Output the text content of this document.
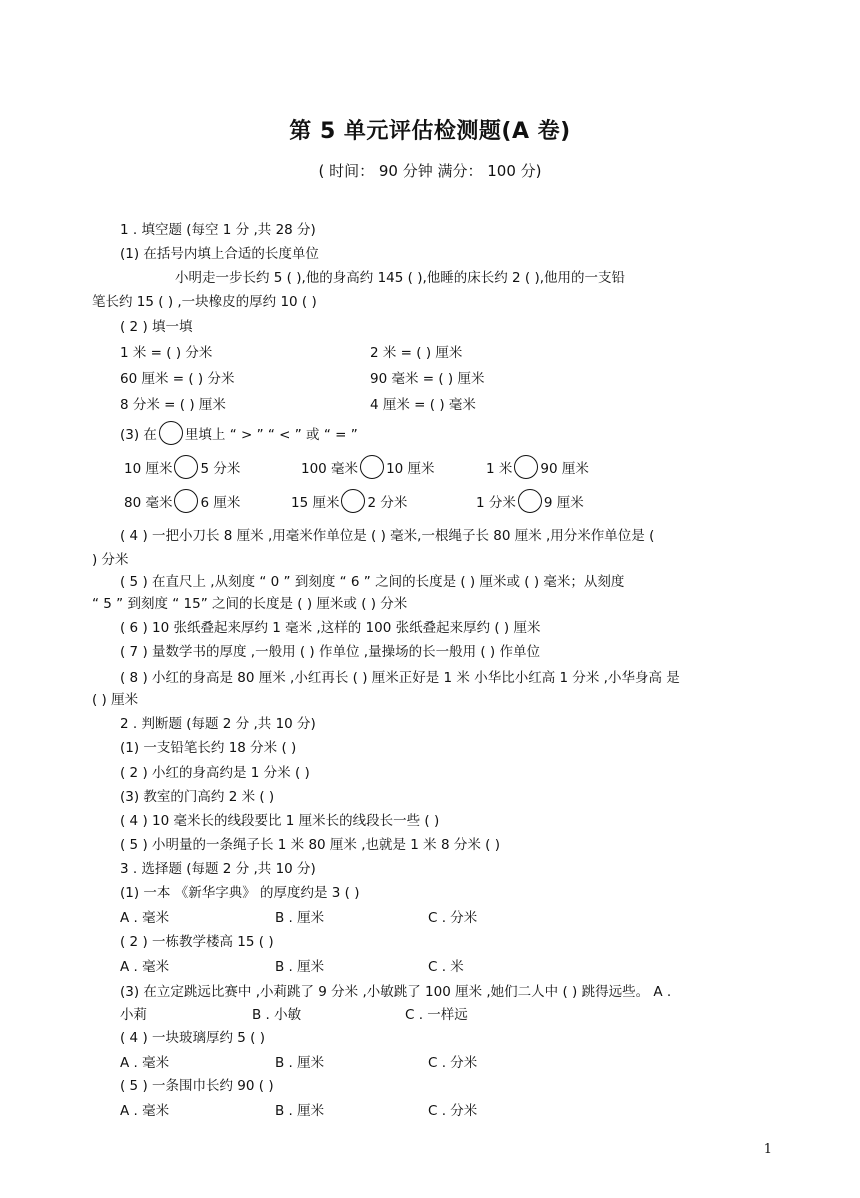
第 5 单元评估检测题(A 卷)
( 时间： 90 分钟 满分： 100 分)
1 . 填空题 (每空 1 分 ,共 28 分)
(1) 在括号内填上合适的长度单位
小明走一步长约 5 ( ),他的身高约 145 ( ),他睡的床长约 2 ( ),他用的一支铅
笔长约 15 ( ) ,一块橡皮的厚约 10 ( )
( 2 ) 填一填
1 米 = ( ) 分米	2 米 = ( ) 厘米
60 厘米 = ( ) 分米	90 毫米 = ( ) 厘米
8 分米 = ( ) 厘米	4 厘米 = ( ) 毫米
(3) 在 里填上 “ > ” “ < ” 或 “ = ”
10 厘米 5 分米	100 毫米 10 厘米	1 米 90 厘米
80 毫米 6 厘米	15 厘米 2 分米	1 分米 9 厘米
( 4 ) 一把小刀长 8 厘米 ,用毫米作单位是 ( ) 毫米,一根绳子长 80 厘米 ,用分米作单位是 (
) 分米
( 5 ) 在直尺上 ,从刻度 “ 0 ” 到刻度 “ 6 ” 之间的长度是 ( ) 厘米或 ( ) 毫米；从刻度
“ 5 ” 到刻度 “ 15” 之间的长度是 ( ) 厘米或 ( ) 分米
( 6 ) 10 张纸叠起来厚约 1 毫米 ,这样的 100 张纸叠起来厚约 ( ) 厘米
( 7 ) 量数学书的厚度 ,一般用 ( ) 作单位 ,量操场的长一般用 ( ) 作单位
( 8 ) 小红的身高是 80 厘米 ,小红再长 ( ) 厘米正好是 1 米 小华比小红高 1 分米 ,小华身高 是
( ) 厘米
2 . 判断题 (每题 2 分 ,共 10 分)
(1) 一支铅笔长约 18 分米 ( )
( 2 ) 小红的身高约是 1 分米 ( )
(3) 教室的门高约 2 米 ( )
( 4 ) 10 毫米长的线段要比 1 厘米长的线段长一些 ( )
( 5 ) 小明量的一条绳子长 1 米 80 厘米 ,也就是 1 米 8 分米 ( )
3 . 选择题 (每题 2 分 ,共 10 分)
(1) 一本 《新华字典》 的厚度约是 3 ( )
A . 毫米	B . 厘米	C . 分米
( 2 ) 一栋教学楼高 15 ( )
A . 毫米	B . 厘米	C . 米
(3) 在立定跳远比赛中 ,小莉跳了 9 分米 ,小敏跳了 100 厘米 ,她们二人中 ( ) 跳得远些。 A .
小莉	B . 小敏	C . 一样远
( 4 ) 一块玻璃厚约 5 ( )
A . 毫米	B . 厘米	C . 分米
( 5 ) 一条围巾长约 90 ( )
A . 毫米	B . 厘米	C . 分米
1
